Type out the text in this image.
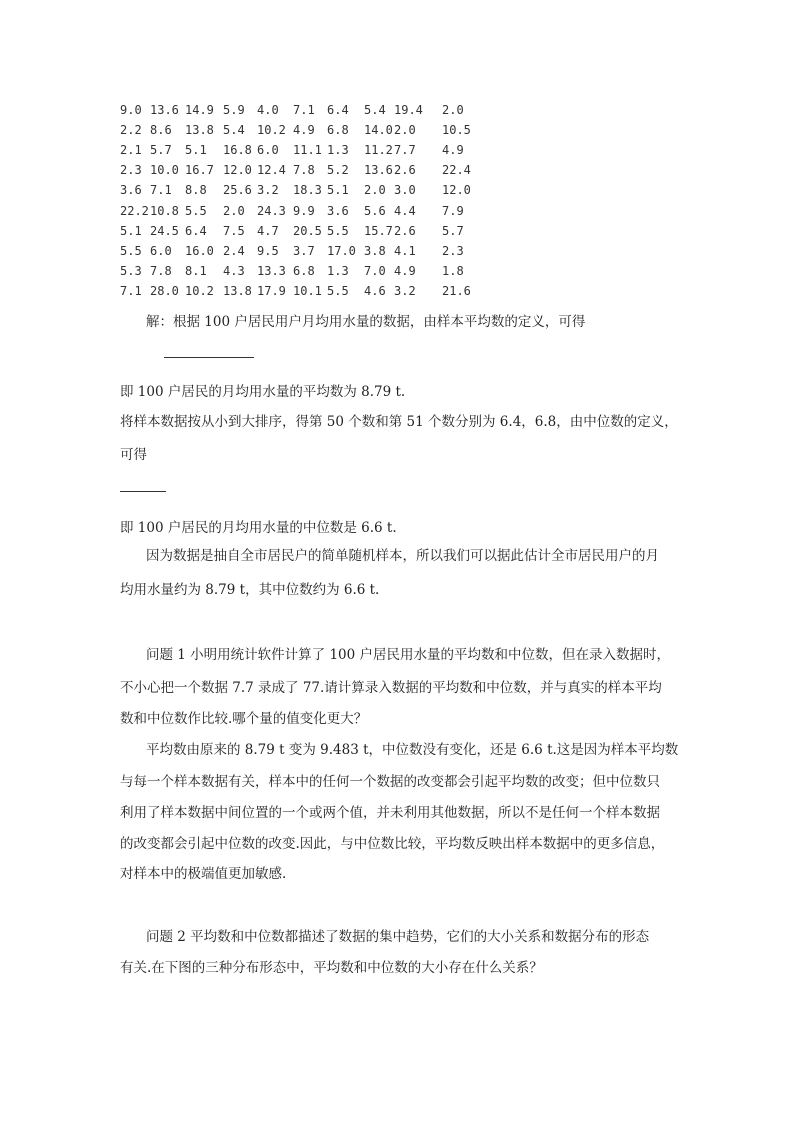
9.0 13.6 14.9 5.9	4.0	7.1	6.4	5.4 19.4	2.0
2.2 8.6	13.8 5.4	10.2 4.9	6.8	14.0 2.0	10.5
2.1 5.7	5.1	16.8 6.0	11.1 1.3	11.2 7.7	4.9
2.3 10.0 16.7 12.0 12.4 7.8	5.2	13.6 2.6	22.4
3.6 7.1	8.8	25.6 3.2	18.3 5.1	2.0 3.0	12.0
22.2 10.8 5.5	2.0	24.3 9.9	3.6	5.6 4.4	7.9
5.1 24.5 6.4	7.5	4.7	20.5 5.5	15.7 2.6	5.7
5.5 6.0	16.0 2.4	9.5	3.7	17.0 3.8 4.1	2.3
5.3 7.8	8.1	4.3	13.3 6.8	1.3	7.0 4.9	1.8
7.1 28.0 10.2 13.8 17.9 10.1 5.5	4.6 3.2	21.6
解：根据 100 户居民用户月均用水量的数据，由样本平均数的定义，可得
即 100 户居民的月均用水量的平均数为 8.79 t.
将样本数据按从小到大排序，得第 50 个数和第 51 个数分别为 6.4，6.8，由中位数的定义，
可得
即 100 户居民的月均用水量的中位数是 6.6 t.
因为数据是抽自全市居民户的简单随机样本，所以我们可以据此估计全市居民用户的月
均用水量约为 8.79 t，其中位数约为 6.6 t.
问题 1 小明用统计软件计算了 100 户居民用水量的平均数和中位数，但在录入数据时，
不小心把一个数据 7.7 录成了 77.请计算录入数据的平均数和中位数，并与真实的样本平均
数和中位数作比较.哪个量的值变化更大？
平均数由原来的 8.79 t 变为 9.483 t，中位数没有变化，还是 6.6 t.这是因为样本平均数
与每一个样本数据有关，样本中的任何一个数据的改变都会引起平均数的改变；但中位数只
利用了样本数据中间位置的一个或两个值，并未利用其他数据，所以不是任何一个样本数据
的改变都会引起中位数的改变.因此，与中位数比较，平均数反映出样本数据中的更多信息，
对样本中的极端值更加敏感.
问题 2 平均数和中位数都描述了数据的集中趋势，它们的大小关系和数据分布的形态
有关.在下图的三种分布形态中，平均数和中位数的大小存在什么关系？
